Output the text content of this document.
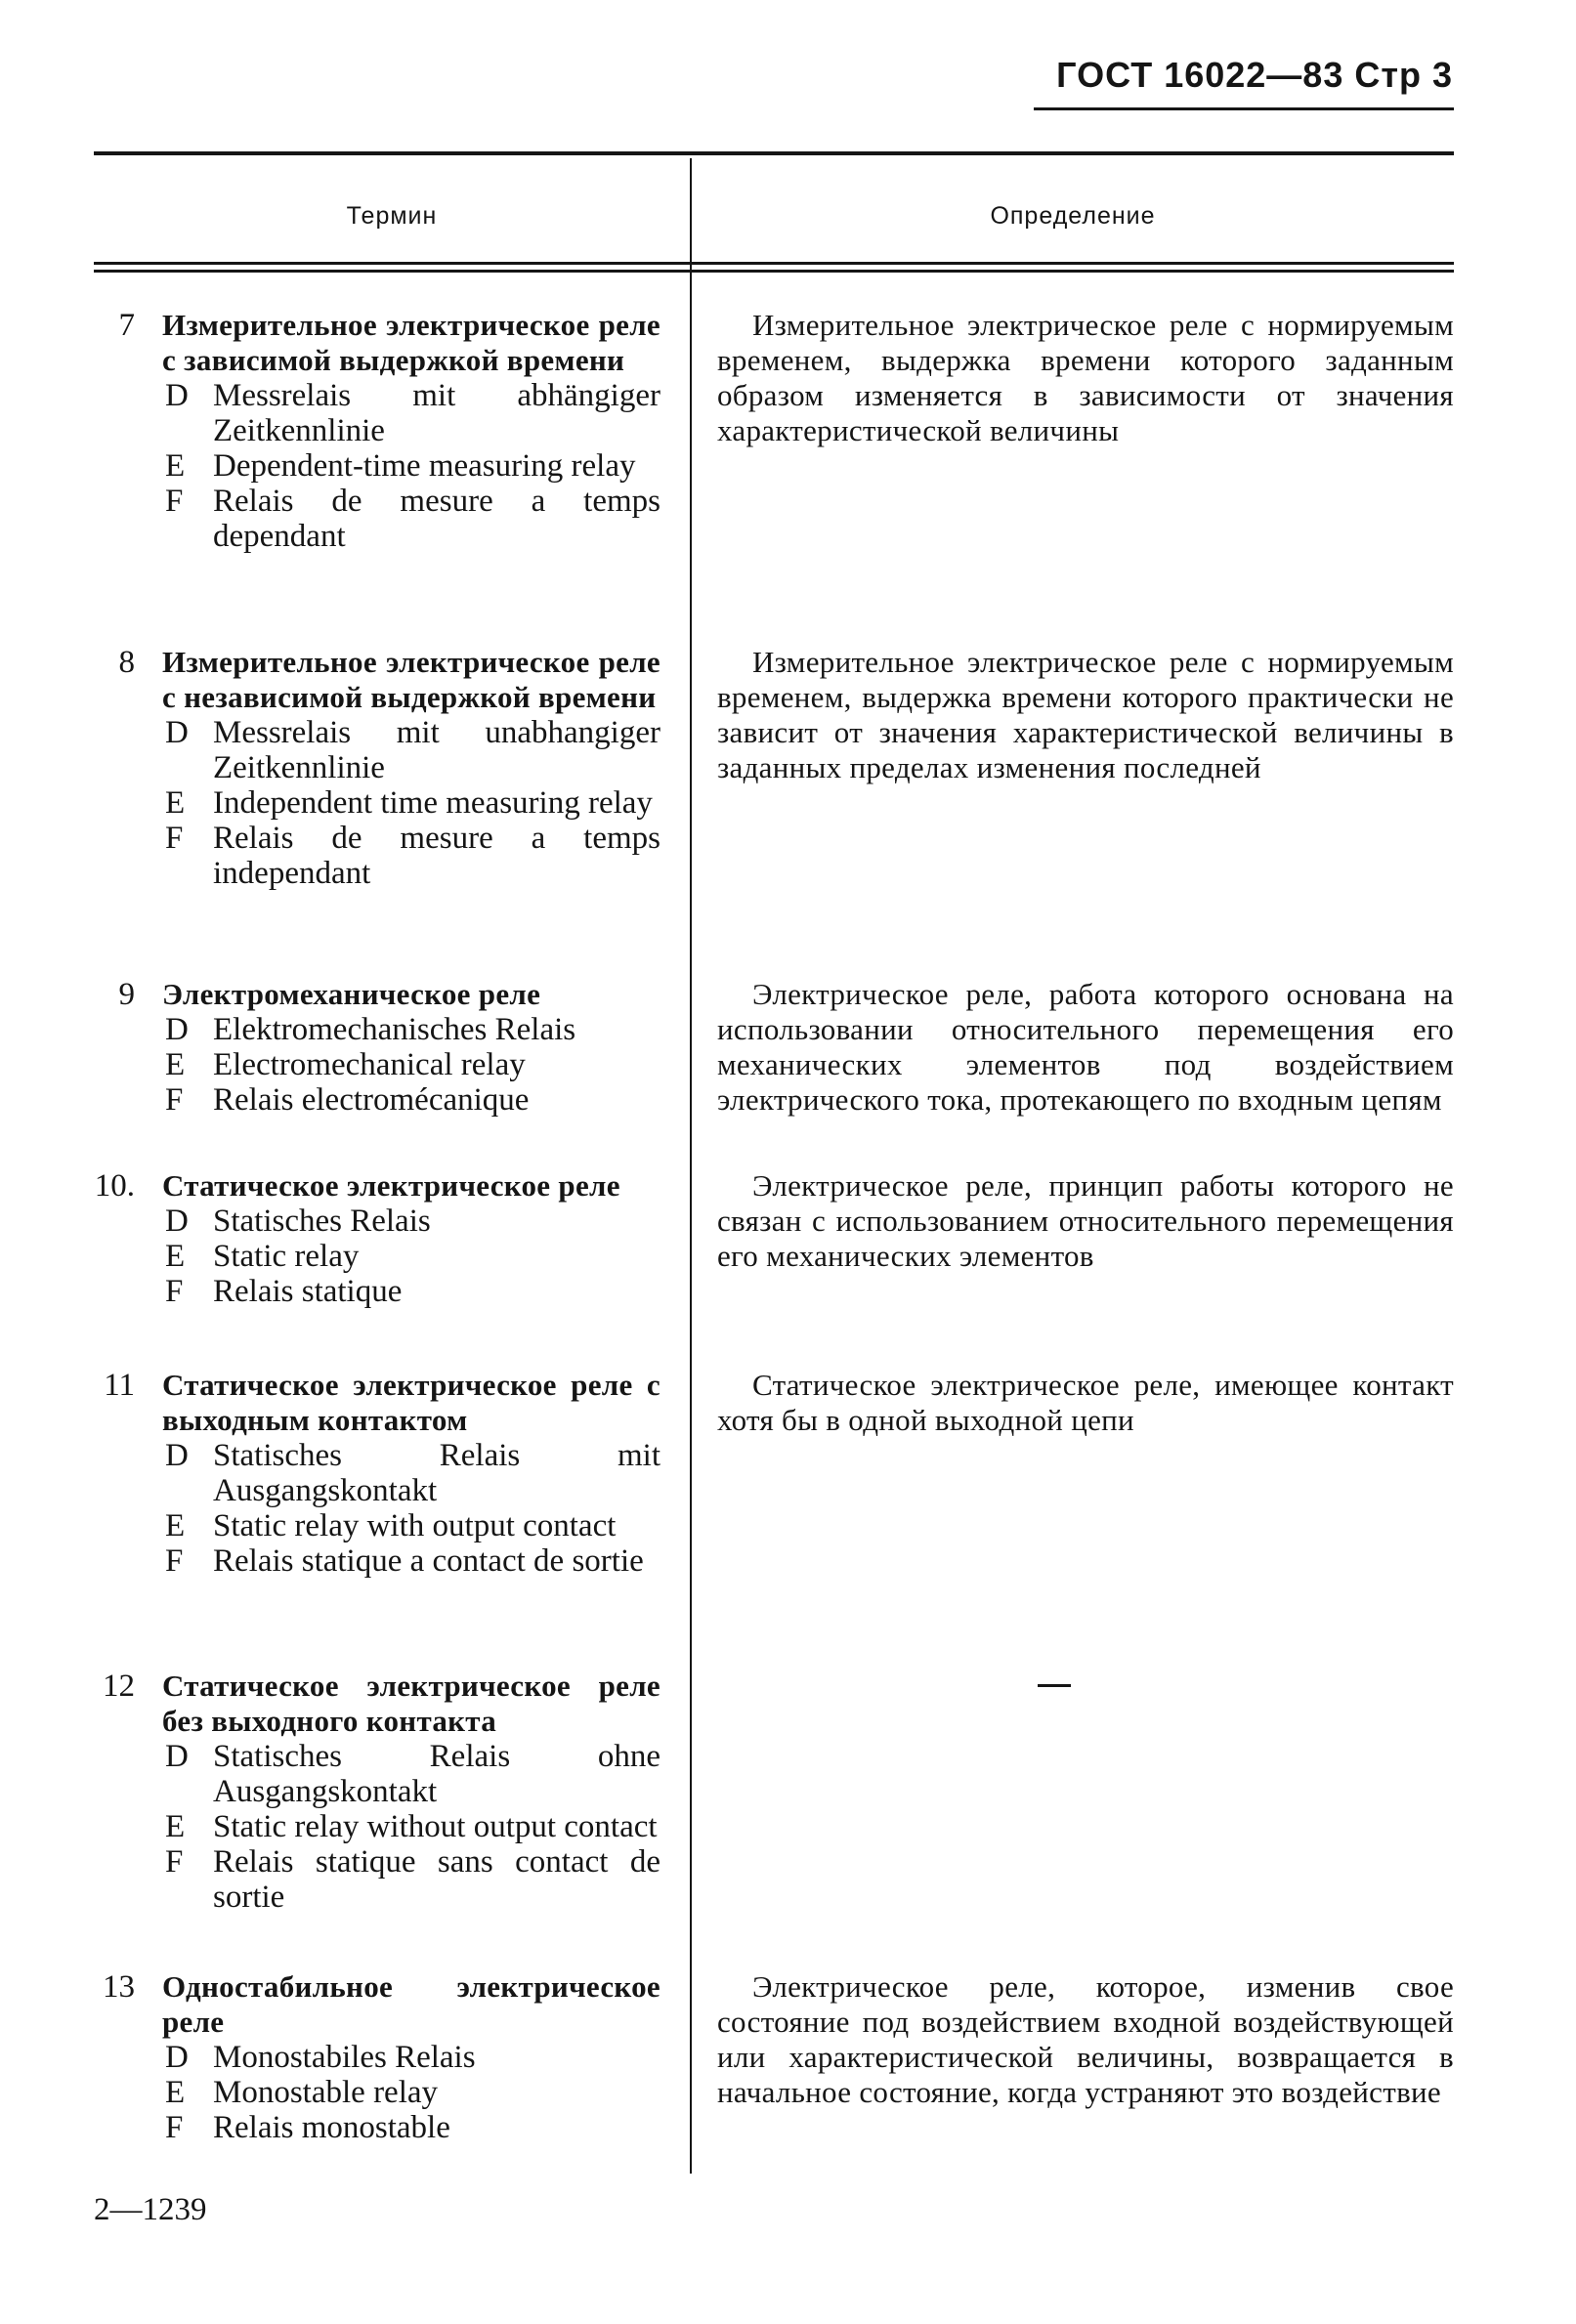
ГОСТ 16022—83 Стр 3
Термин	Определение
7 Измерительное электрическое реле с зависимой выдержкой времени
D Messrelais mit abhängiger Zeitkennlinie
E Dependent-time measuring relay
F Relais de mesure a temps dependant
Измерительное электрическое реле с нормируемым временем, выдержка времени которого заданным образом изменяется в зависимости от значения характеристической величины
8 Измерительное электрическое реле с независимой выдержкой времени
D Messrelais mit unabhangiger Zeitkennlinie
E Independent time measuring relay
F Relais de mesure a temps independant
Измерительное электрическое реле с нормируемым временем, выдержка времени которого практически не зависит от значения характеристической величины в заданных пределах изменения последней
9 Электромеханическое реле
D Elektromechanisches Relais
E Electromechanical relay
F Relais electromécanique
Электрическое реле, работа которого основана на использовании относительного перемещения его механических элементов под воздействием электрического тока, протекающего по входным цепям
10. Статическое электрическое реле
D Statisches Relais
E Static relay
F Relais statique
Электрическое реле, принцип работы которого не связан с использованием относительного перемещения его механических элементов
11 Статическое электрическое реле с выходным контактом
D Statisches Relais mit Ausgangskontakt
E Static relay with output contact
F Relais statique a contact de sortie
Статическое электрическое реле, имеющее контакт хотя бы в одной выходной цепи
12 Статическое электрическое реле без выходного контакта
D Statisches Relais ohne Ausgangskontakt
E Static relay without output contact
F Relais statique sans contact de sortie
13 Одностабильное электрическое реле
D Monostabiles Relais
E Monostable relay
F Relais monostable
Электрическое реле, которое, изменив свое состояние под воздействием входной воздействующей или характеристической величины, возвращается в начальное состояние, когда устраняют это воздействие
2—1239
